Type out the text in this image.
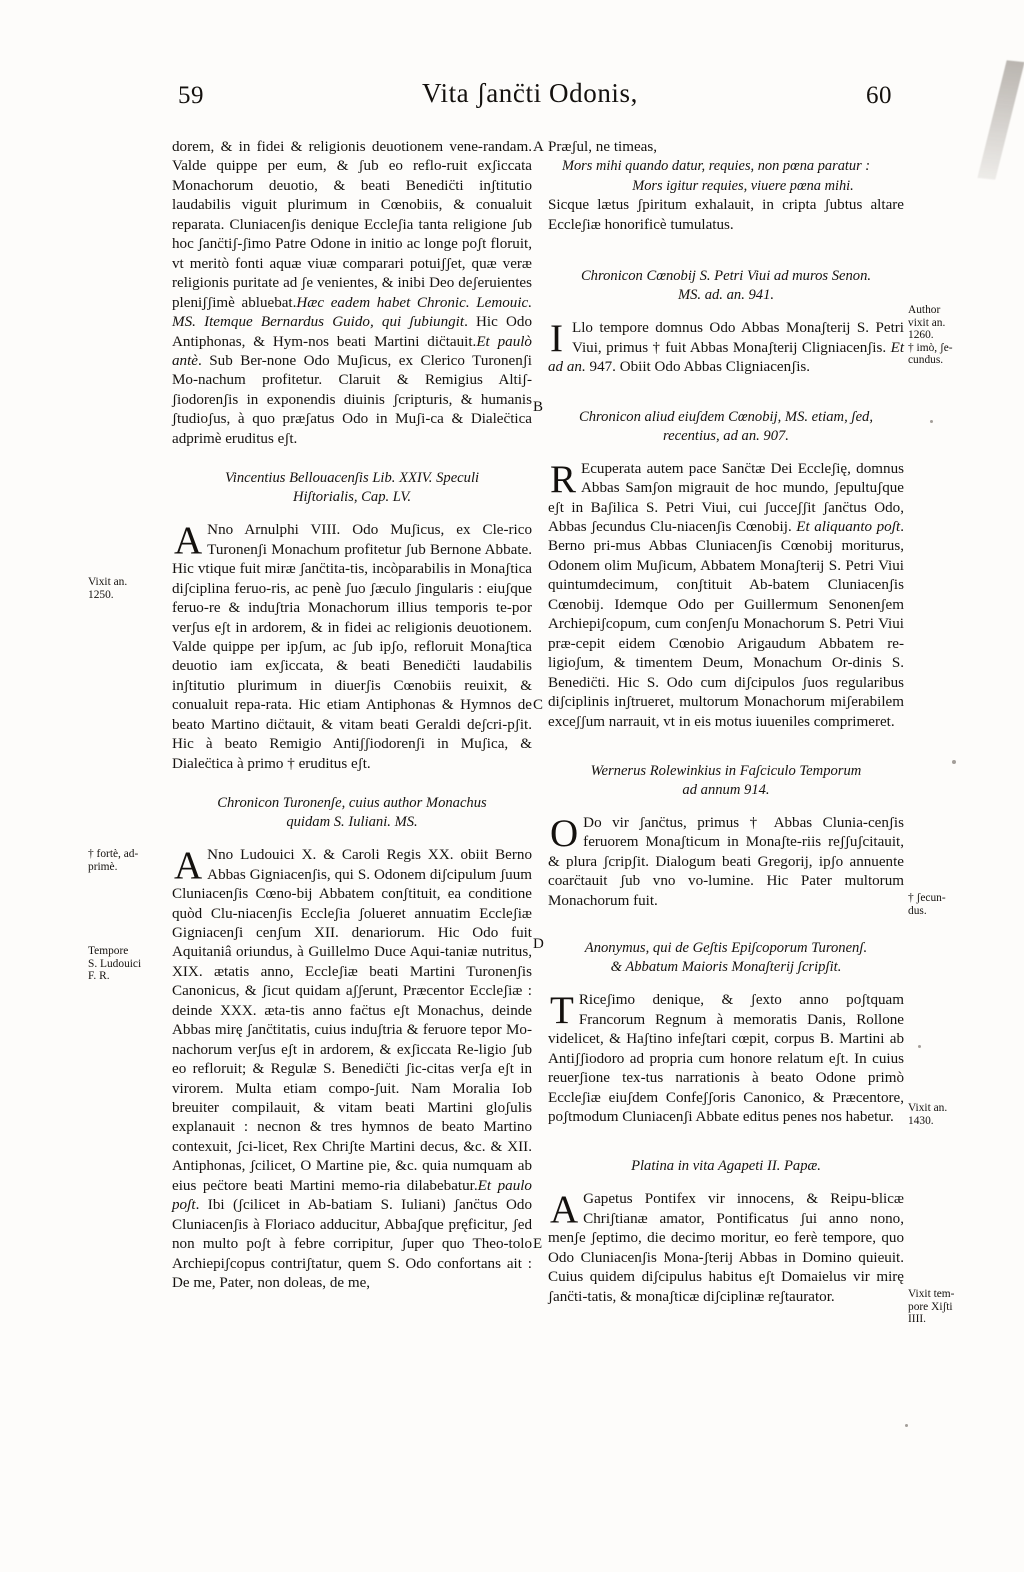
59	Vita ʃanc̈ti Odonis,	60
A
B
C
D
E

dorem, & in fidei & religionis deuotionem vene-randam. Valde quippe per eum, & ʃub eo reflo-ruit exʃiccata Monachorum deuotio, & beati Benedic̈ti inʃtitutio laudabilis viguit plurimum in Cœnobiis, & conualuit reparata. Cluniacenʃis denique Eccleʃia tanta religione ʃub hoc ʃanc̈tiʃ-ʃimo Patre Odone in initio ac longe poʃt floruit, vt meritò fonti aquæ viuæ comparari potuiʃʃet, quæ veræ religionis puritate ad ʃe venientes, & inibi Deo deʃeruientes pleniʃʃimè abluebat.Hæc eadem habet Chronic. Lemouic. MS. Itemque Bernardus Guido, qui ʃubiungit. Hic Odo Antiphonas, & Hym-nos beati Martini dic̈tauit.Et paulò antè. Sub Ber-none Odo Muʃicus, ex Clerico Turonenʃi Mo-nachum profitetur. Claruit & Remigius Altiʃ-ʃiodorenʃis in exponendis diuinis ʃcripturis, & humanis ʃtudioʃus, à quo præʃatus Odo in Muʃi-ca & Dialec̈tica adprimè eruditus eʃt.

Vincentius Bellouacenʃis Lib. XXIV. Speculi
Hiʃtorialis, Cap. LV.

A Nno Arnulphi VIII. Odo Muʃicus, ex Cle-rico Turonenʃi Monachum profitetur ʃub Bernone Abbate. Hic vtique fuit miræ ʃanc̈tita-tis, incòparabilis in Monaʃtica diʃciplina feruo-ris, ac penè ʃuo ʃæculo ʃingularis : eiuʃque feruo-re & induʃtria Monachorum illius temporis te-por verʃus eʃt in ardorem, & in fidei ac religionis deuotionem. Valde quippe per ipʃum, ac ʃub ipʃo, refloruit Monaʃtica deuotio iam exʃiccata, & beati Benedic̈ti laudabilis inʃtitutio plurimum in diuerʃis Cœnobiis reuixit, & conualuit repa-rata. Hic etiam Antiphonas & Hymnos de beato Martino dic̈tauit, & vitam beati Geraldi deʃcri-pʃit. Hic à beato Remigio Antiʃʃiodorenʃi in Muʃica, & Dialec̈tica à primo † eruditus eʃt.

Chronicon Turonenʃe, cuius author Monachus
quidam S. Iuliani. MS.

A Nno Ludouici X. & Caroli Regis XX. obiit Berno Abbas Gigniacenʃis, qui S. Odonem diʃcipulum ʃuum Cluniacenʃis Cœno-bij Abbatem conʃtituit, ea conditione quòd Clu-niacenʃis Eccleʃia ʃolueret annuatim Eccleʃiæ Gigniacenʃi cenʃum XII. denariorum. Hic Odo fuit Aquitaniâ oriundus, à Guillelmo Duce Aqui-taniæ nutritus, XIX. ætatis anno, Eccleʃiæ beati Martini Turonenʃis Canonicus, & ʃicut quidam aʃʃerunt, Præcentor Eccleʃiæ : deinde XXX. æta-tis anno fac̈tus eʃt Monachus, deinde Abbas mirę ʃanc̈titatis, cuius induʃtria & feruore tepor Mo-nachorum verʃus eʃt in ardorem, & exʃiccata Re-ligio ʃub eo refloruit; & Regulæ S. Benedic̈ti ʃic-citas verʃa eʃt in virorem. Multa etiam compo-ʃuit. Nam Moralia Iob breuiter compilauit, & vitam beati Martini gloʃulis explanauit : necnon & tres hymnos de beato Martino contexuit, ʃci-licet, Rex Chriʃte Martini decus, &c. & XII. Antiphonas, ʃcilicet, O Martine pie, &c. quia numquam ab eius pec̈tore beati Martini memo-ria dilabebatur.Et paulo poʃt. Ibi (ʃcilicet in Ab-batiam S. Iuliani) ʃanc̈tus Odo Cluniacenʃis à Floriaco adducitur, Abbaʃque pręficitur, ʃed non multo poʃt à febre corripitur, ʃuper quo Theo-tolo Archiepiʃcopus contriʃtatur, quem S. Odo confortans ait : De me, Pater, non doleas, de me,

Præʃul, ne timeas,

Mors mihi quando datur, requies, non pœna paratur :

Mors igitur requies, viuere pœna mihi.

Sicque lætus ʃpiritum exhalauit, in cripta ʃubtus altare Eccleʃiæ honorificè tumulatus.

Chronicon Cœnobij S. Petri Viui ad muros Senon.
MS. ad. an. 941.

I Llo tempore domnus Odo Abbas Monaʃterij S. Petri Viui, primus † fuit Abbas Monaʃterij Cligniacenʃis. Et ad an. 947. Obiit Odo Abbas Cligniacenʃis.

Chronicon aliud eiuʃdem Cœnobij, MS. etiam, ʃed,
recentius, ad an. 907.

R Ecuperata autem pace Sanc̈tæ Dei Eccleʃię, domnus Abbas Samʃon migrauit de hoc mundo, ʃepultuʃque eʃt in Baʃilica S. Petri Viui, cui ʃucceʃʃit ʃanc̈tus Odo, Abbas ʃecundus Clu-niacenʃis Cœnobij. Et aliquanto poʃt. Berno pri-mus Abbas Cluniacenʃis Cœnobij moriturus, Odonem olim Muʃicum, Abbatem Monaʃterij S. Petri Viui quintumdecimum, conʃtituit Ab-batem Cluniacenʃis Cœnobij. Idemque Odo per Guillermum Senonenʃem Archiepiʃcopum, cum conʃenʃu Monachorum S. Petri Viui præ-cepit eidem Cœnobio Arigaudum Abbatem re-ligioʃum, & timentem Deum, Monachum Or-dinis S. Benedic̈ti. Hic S. Odo cum diʃcipulos ʃuos regularibus diʃciplinis inʃtrueret, multorum Monachorum miʃerabilem exceʃʃum narrauit, vt in eis motus iuueniles comprimeret.

Wernerus Rolewinkius in Faʃciculo Temporum
ad annum 914.

O Do vir ʃanc̈tus, primus † Abbas Clunia-cenʃis feruorem Monaʃticum in Monaʃte-riis reʃʃuʃcitauit, & plura ʃcripʃit. Dialogum beati Gregorij, ipʃo annuente coarc̈tauit ʃub vno vo-lumine. Hic Pater multorum Monachorum fuit.

Anonymus, qui de Geʃtis Epiʃcoporum Turonenʃ.
& Abbatum Maioris Monaʃterij ʃcripʃit.

T Riceʃimo denique, & ʃexto anno poʃtquam Francorum Regnum à memoratis Danis, Rollone videlicet, & Haʃtino infeʃtari cœpit, corpus B. Martini ab Antiʃʃiodoro ad propria cum honore relatum eʃt. In cuius reuerʃione tex-tus narrationis à beato Odone primò Eccleʃiæ eiuʃdem Confeʃʃoris Canonico, & Præcentore, poʃtmodum Cluniacenʃi Abbate editus penes nos habetur.

Platina in vita Agapeti II. Papæ.

A Gapetus Pontifex vir innocens, & Reipu-blicæ Chriʃtianæ amator, Pontificatus ʃui anno nono, menʃe ʃeptimo, die decimo moritur, eo ferè tempore, quo Odo Cluniacenʃis Mona-ʃterij Abbas in Domino quieuit. Cuius quidem diʃcipulus habitus eʃt Domaielus vir mirę ʃanc̈ti-tatis, & monaʃticæ diʃciplinæ reʃtaurator.

Vixit an.
1250.
† fortè, ad-
primè.
Tempore
S. Ludouici
F. R.
Author
vixit an.
1260.
† imò, ʃe-
cundus.
† ʃecun-
dus.
Vixit an.
1430.
Vixit tem-
pore Xiʃti
IIII.
